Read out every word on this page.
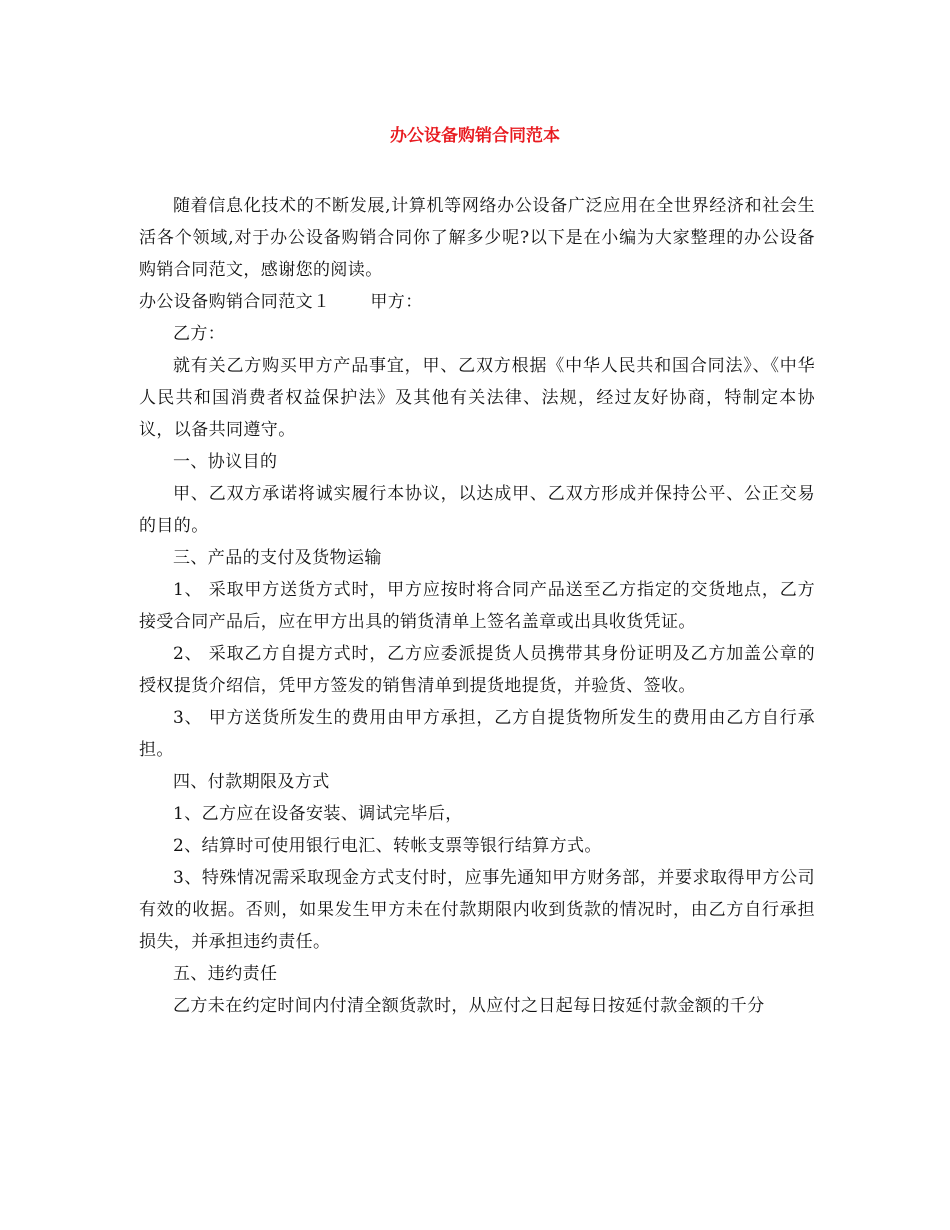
办公设备购销合同范本

随着信息化技术的不断发展,计算机等网络办公设备广泛应用在全世界经济和社会生活各个领域,对于办公设备购销合同你了解多少呢?以下是在小编为大家整理的办公设备购销合同范文，感谢您的阅读。

办公设备购销合同范文１ 甲方：

乙方：

就有关乙方购买甲方产品事宜，甲、乙双方根据《中华人民共和国合同法》、《中华人民共和国消费者权益保护法》及其他有关法律、法规，经过友好协商，特制定本协议，以备共同遵守。

一、协议目的

甲、乙双方承诺将诚实履行本协议，以达成甲、乙双方形成并保持公平、公正交易的目的。

三、产品的支付及货物运输

1、 采取甲方送货方式时，甲方应按时将合同产品送至乙方指定的交货地点，乙方接受合同产品后，应在甲方出具的销货清单上签名盖章或出具收货凭证。

2、 采取乙方自提方式时，乙方应委派提货人员携带其身份证明及乙方加盖公章的授权提货介绍信，凭甲方签发的销售清单到提货地提货，并验货、签收。

3、 甲方送货所发生的费用由甲方承担，乙方自提货物所发生的费用由乙方自行承担。

四、付款期限及方式

1、乙方应在设备安装、调试完毕后，

2、结算时可使用银行电汇、转帐支票等银行结算方式。

3、特殊情况需采取现金方式支付时，应事先通知甲方财务部，并要求取得甲方公司有效的收据。否则，如果发生甲方未在付款期限内收到货款的情况时，由乙方自行承担损失，并承担违约责任。

五、违约责任

乙方未在约定时间内付清全额货款时，从应付之日起每日按延付款金额的千分
